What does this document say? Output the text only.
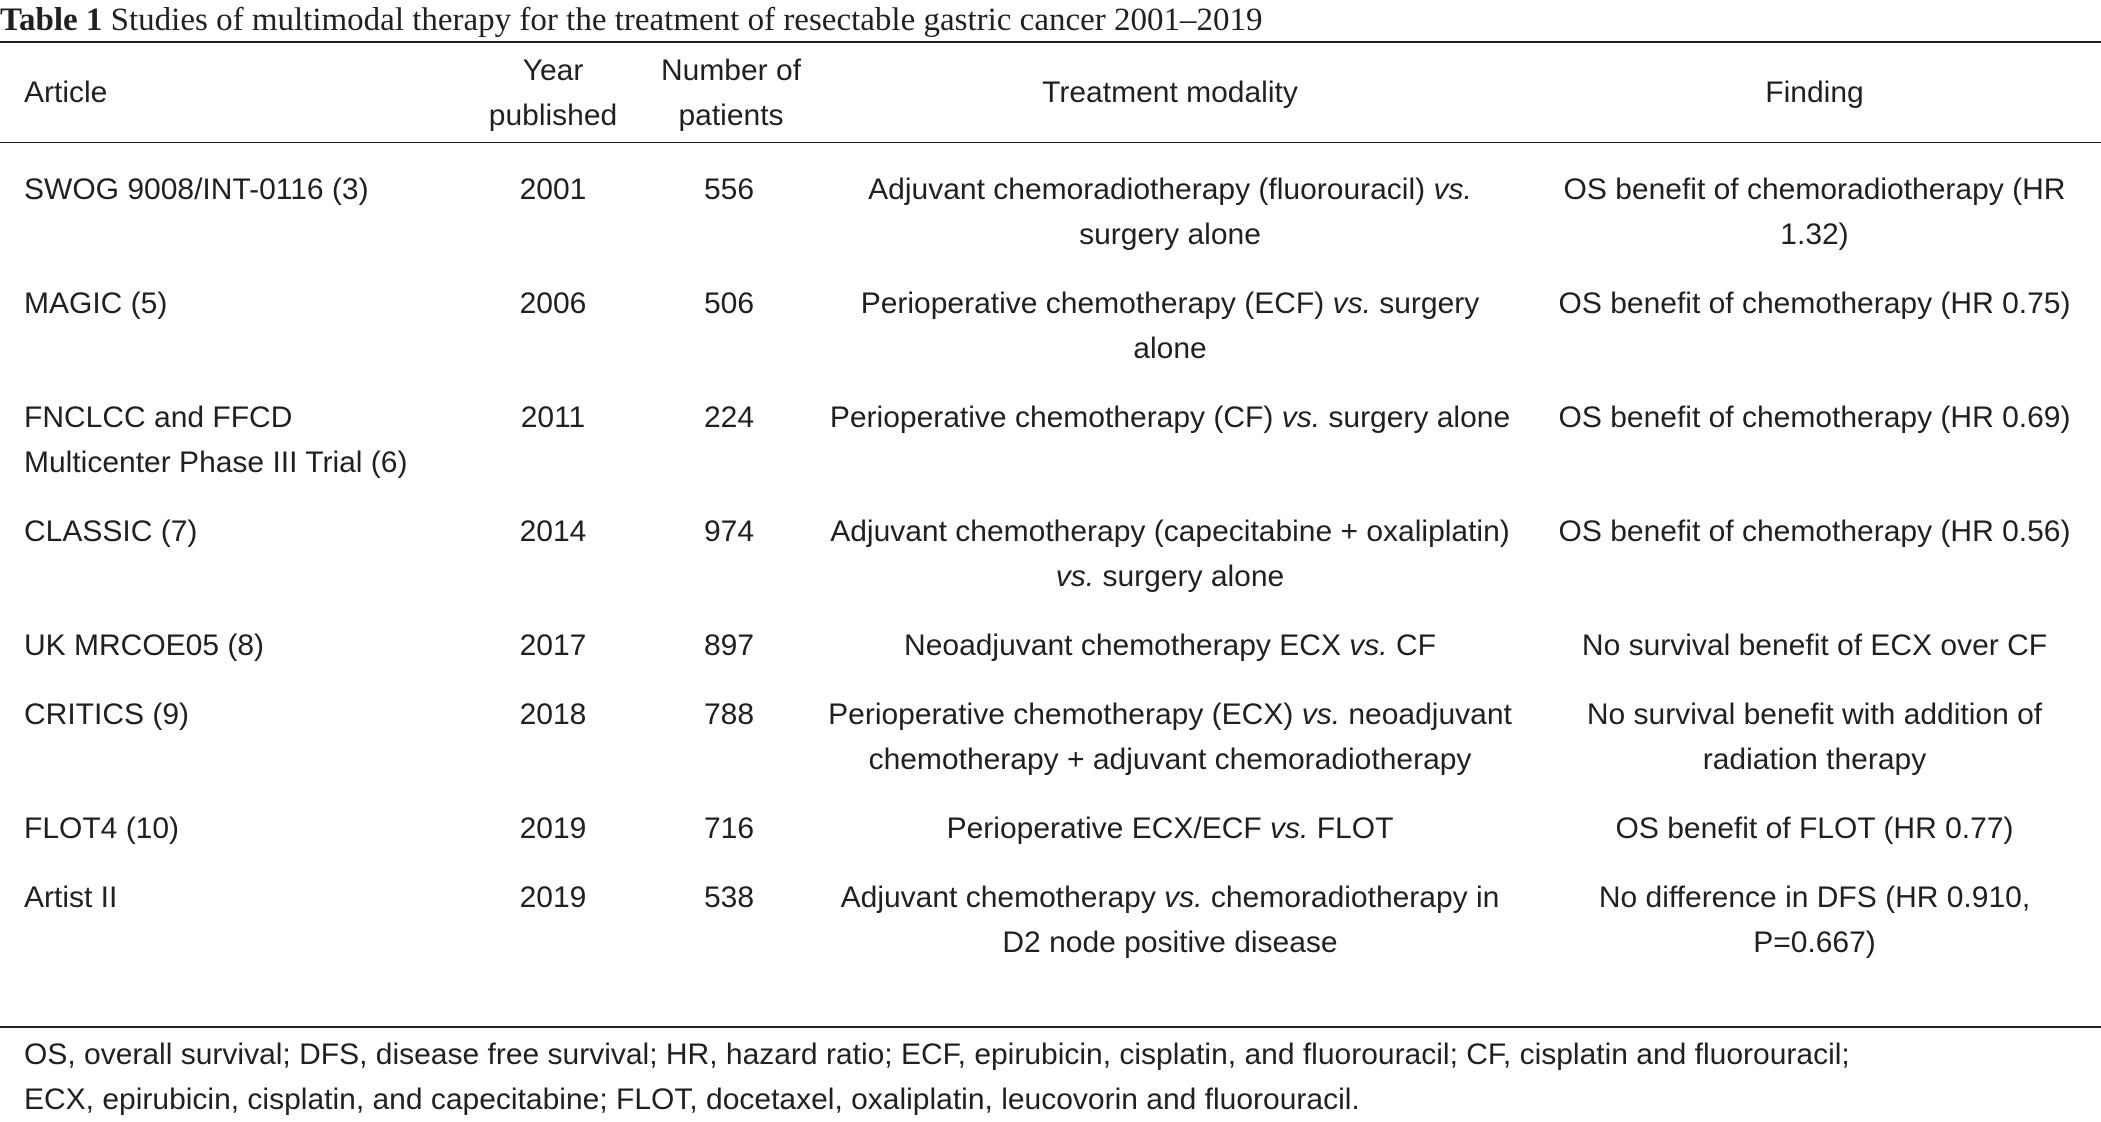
Table 1 Studies of multimodal therapy for the treatment of resectable gastric cancer 2001–2019
Article	Year published	Number of patients	Treatment modality	Finding
SWOG 9008/INT-0116 (3)	2001	556	Adjuvant chemoradiotherapy (fluorouracil) vs. surgery alone	OS benefit of chemoradiotherapy (HR 1.32)
MAGIC (5)	2006	506	Perioperative chemotherapy (ECF) vs. surgery alone	OS benefit of chemotherapy (HR 0.75)
FNCLCC and FFCD Multicenter Phase III Trial (6)	2011	224	Perioperative chemotherapy (CF) vs. surgery alone	OS benefit of chemotherapy (HR 0.69)
CLASSIC (7)	2014	974	Adjuvant chemotherapy (capecitabine + oxaliplatin) vs. surgery alone	OS benefit of chemotherapy (HR 0.56)
UK MRCOE05 (8)	2017	897	Neoadjuvant chemotherapy ECX vs. CF	No survival benefit of ECX over CF
CRITICS (9)	2018	788	Perioperative chemotherapy (ECX) vs. neoadjuvant chemotherapy + adjuvant chemoradiotherapy	No survival benefit with addition of radiation therapy
FLOT4 (10)	2019	716	Perioperative ECX/ECF vs. FLOT	OS benefit of FLOT (HR 0.77)
Artist II	2019	538	Adjuvant chemotherapy vs. chemoradiotherapy in D2 node positive disease	No difference in DFS (HR 0.910, P=0.667)
OS, overall survival; DFS, disease free survival; HR, hazard ratio; ECF, epirubicin, cisplatin, and fluorouracil; CF, cisplatin and fluorouracil;
ECX, epirubicin, cisplatin, and capecitabine; FLOT, docetaxel, oxaliplatin, leucovorin and fluorouracil.
